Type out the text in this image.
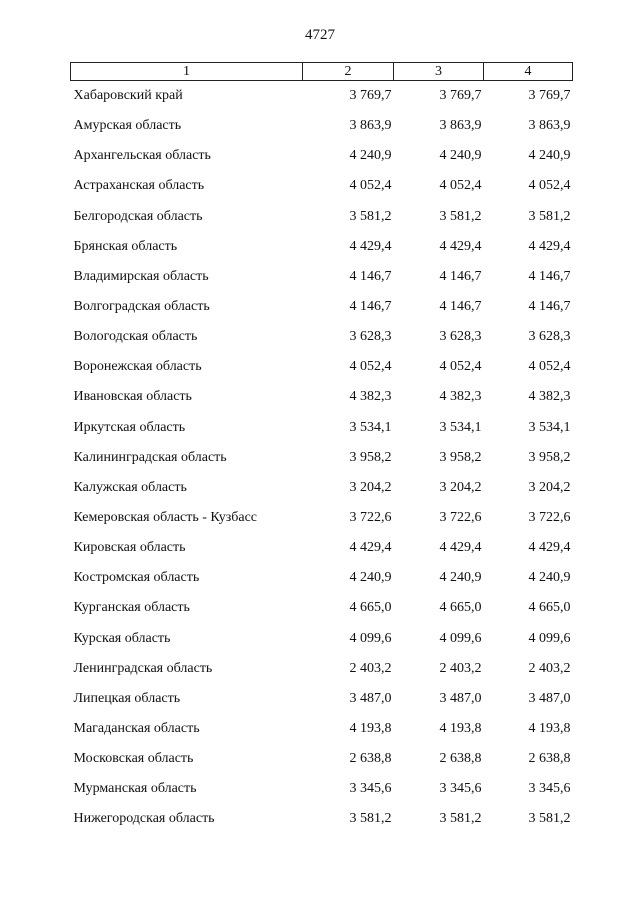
4727
1	2	3	4
Хабаровский край	3 769,7	3 769,7	3 769,7
Амурская область	3 863,9	3 863,9	3 863,9
Архангельская область	4 240,9	4 240,9	4 240,9
Астраханская область	4 052,4	4 052,4	4 052,4
Белгородская область	3 581,2	3 581,2	3 581,2
Брянская область	4 429,4	4 429,4	4 429,4
Владимирская область	4 146,7	4 146,7	4 146,7
Волгоградская область	4 146,7	4 146,7	4 146,7
Вологодская область	3 628,3	3 628,3	3 628,3
Воронежская область	4 052,4	4 052,4	4 052,4
Ивановская область	4 382,3	4 382,3	4 382,3
Иркутская область	3 534,1	3 534,1	3 534,1
Калининградская область	3 958,2	3 958,2	3 958,2
Калужская область	3 204,2	3 204,2	3 204,2
Кемеровская область - Кузбасс	3 722,6	3 722,6	3 722,6
Кировская область	4 429,4	4 429,4	4 429,4
Костромская область	4 240,9	4 240,9	4 240,9
Курганская область	4 665,0	4 665,0	4 665,0
Курская область	4 099,6	4 099,6	4 099,6
Ленинградская область	2 403,2	2 403,2	2 403,2
Липецкая область	3 487,0	3 487,0	3 487,0
Магаданская область	4 193,8	4 193,8	4 193,8
Московская область	2 638,8	2 638,8	2 638,8
Мурманская область	3 345,6	3 345,6	3 345,6
Нижегородская область	3 581,2	3 581,2	3 581,2
